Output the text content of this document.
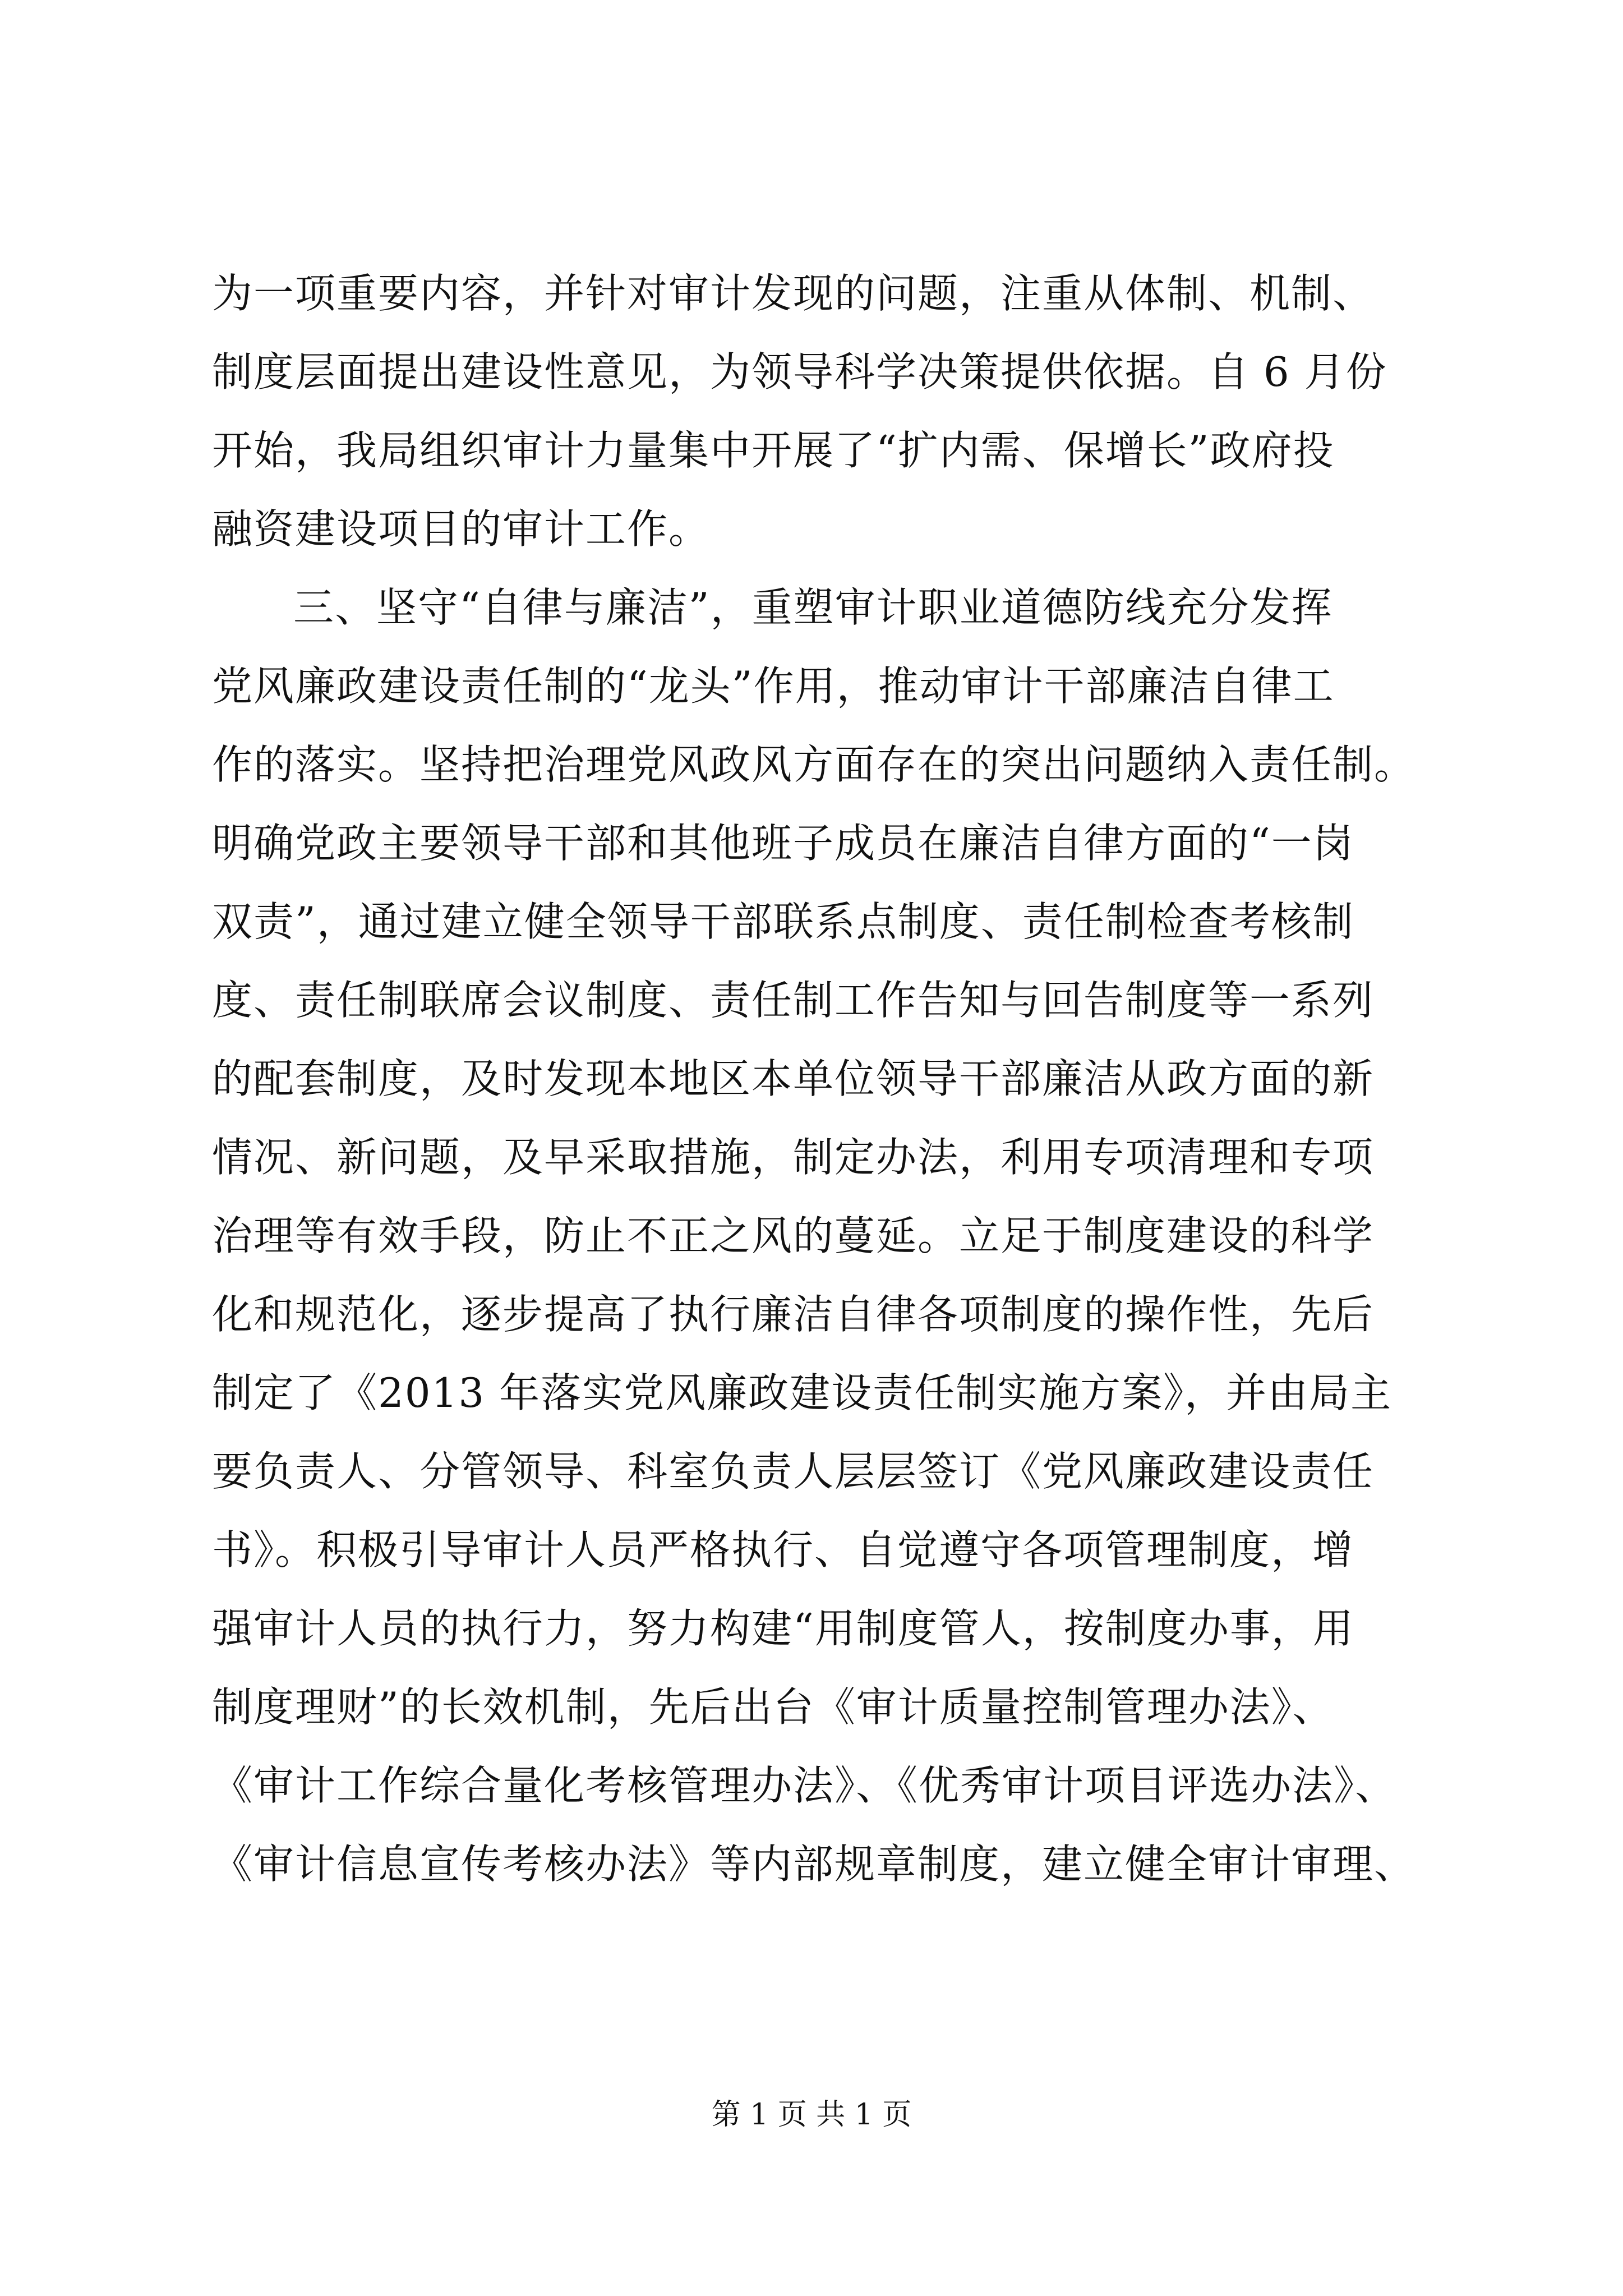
为一项重要内容，并针对审计发现的问题，注重从体制、机制、
制度层面提出建设性意见，为领导科学决策提供依据。自 6 月份
开始，我局组织审计力量集中开展了“扩内需、保增长”政府投
融资建设项目的审计工作。
三、坚守“自律与廉洁”，重塑审计职业道德防线充分发挥
党风廉政建设责任制的“龙头”作用，推动审计干部廉洁自律工
作的落实。坚持把治理党风政风方面存在的突出问题纳入责任制。
明确党政主要领导干部和其他班子成员在廉洁自律方面的“一岗
双责”，通过建立健全领导干部联系点制度、责任制检查考核制
度、责任制联席会议制度、责任制工作告知与回告制度等一系列
的配套制度，及时发现本地区本单位领导干部廉洁从政方面的新
情况、新问题，及早采取措施，制定办法，利用专项清理和专项
治理等有效手段，防止不正之风的蔓延。立足于制度建设的科学
化和规范化，逐步提高了执行廉洁自律各项制度的操作性，先后
制定了《2013 年落实党风廉政建设责任制实施方案》，并由局主
要负责人、分管领导、科室负责人层层签订《党风廉政建设责任
书》。积极引导审计人员严格执行、自觉遵守各项管理制度，增
强审计人员的执行力，努力构建“用制度管人，按制度办事，用
制度理财”的长效机制，先后出台《审计质量控制管理办法》、
《审计工作综合量化考核管理办法》、《优秀审计项目评选办法》、
《审计信息宣传考核办法》等内部规章制度，建立健全审计审理、
第 1 页 共 1 页
